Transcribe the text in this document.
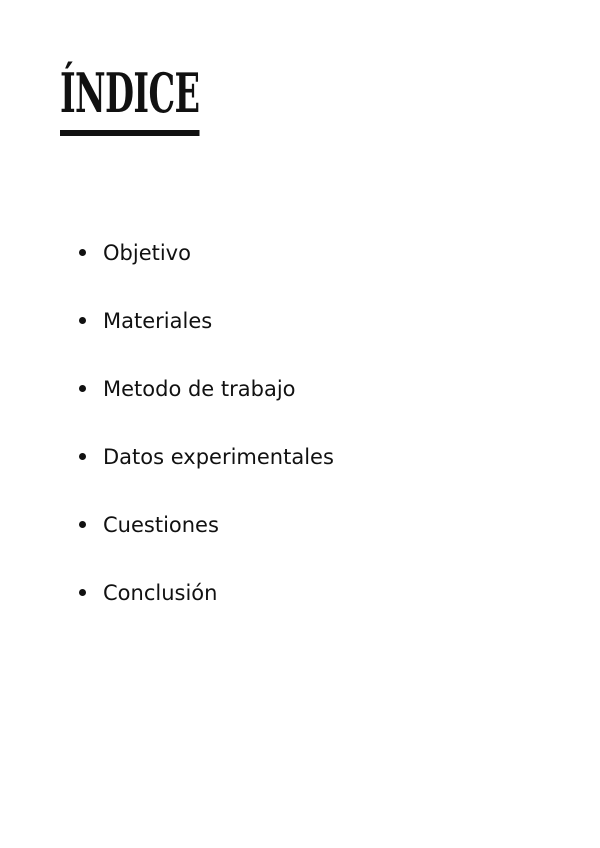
ÍNDICE
Objetivo
Materiales
Metodo de trabajo
Datos experimentales
Cuestiones
Conclusión
